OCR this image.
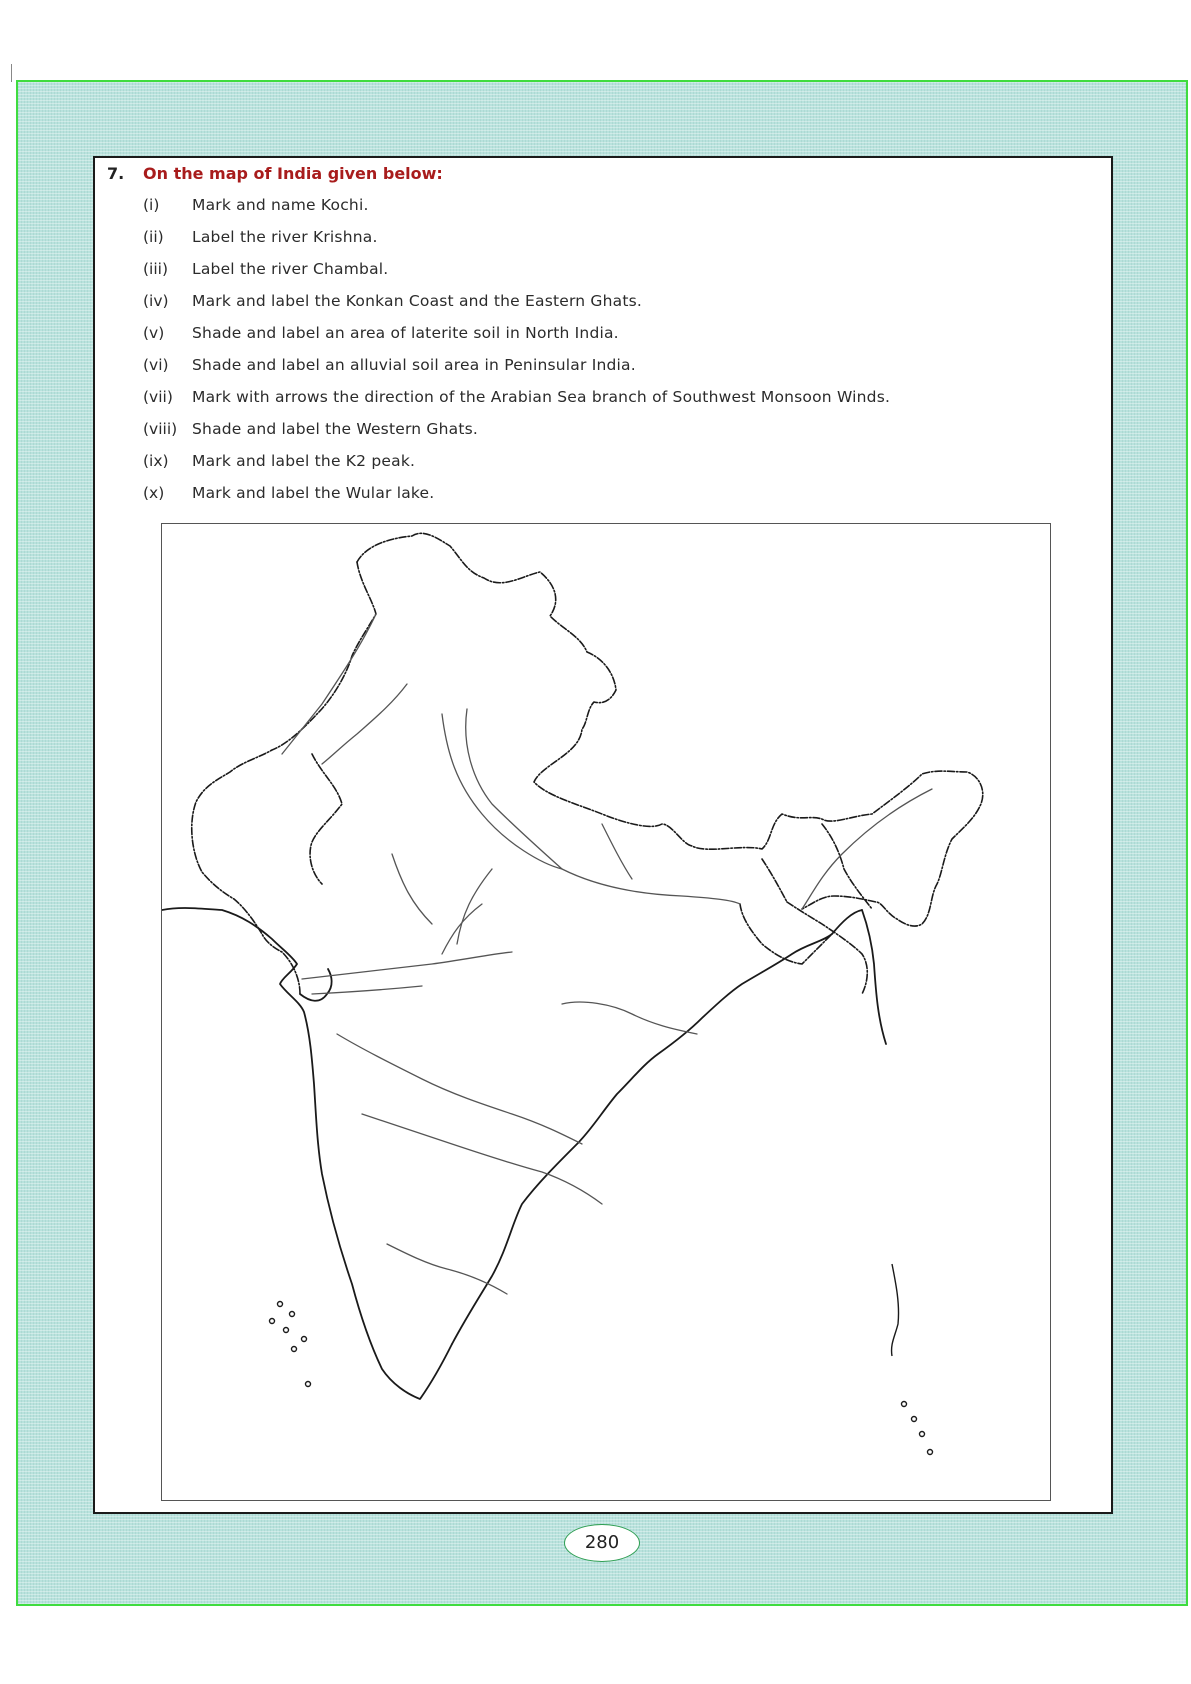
7. On the map of India given below:
(i) Mark and name Kochi.
(ii) Label the river Krishna.
(iii) Label the river Chambal.
(iv) Mark and label the Konkan Coast and the Eastern Ghats.
(v) Shade and label an area of laterite soil in North India.
(vi) Shade and label an alluvial soil area in Peninsular India.
(vii) Mark with arrows the direction of the Arabian Sea branch of Southwest Monsoon Winds.
(viii) Shade and label the Western Ghats.
(ix) Mark and label the K2 peak.
(x) Mark and label the Wular lake.
280
